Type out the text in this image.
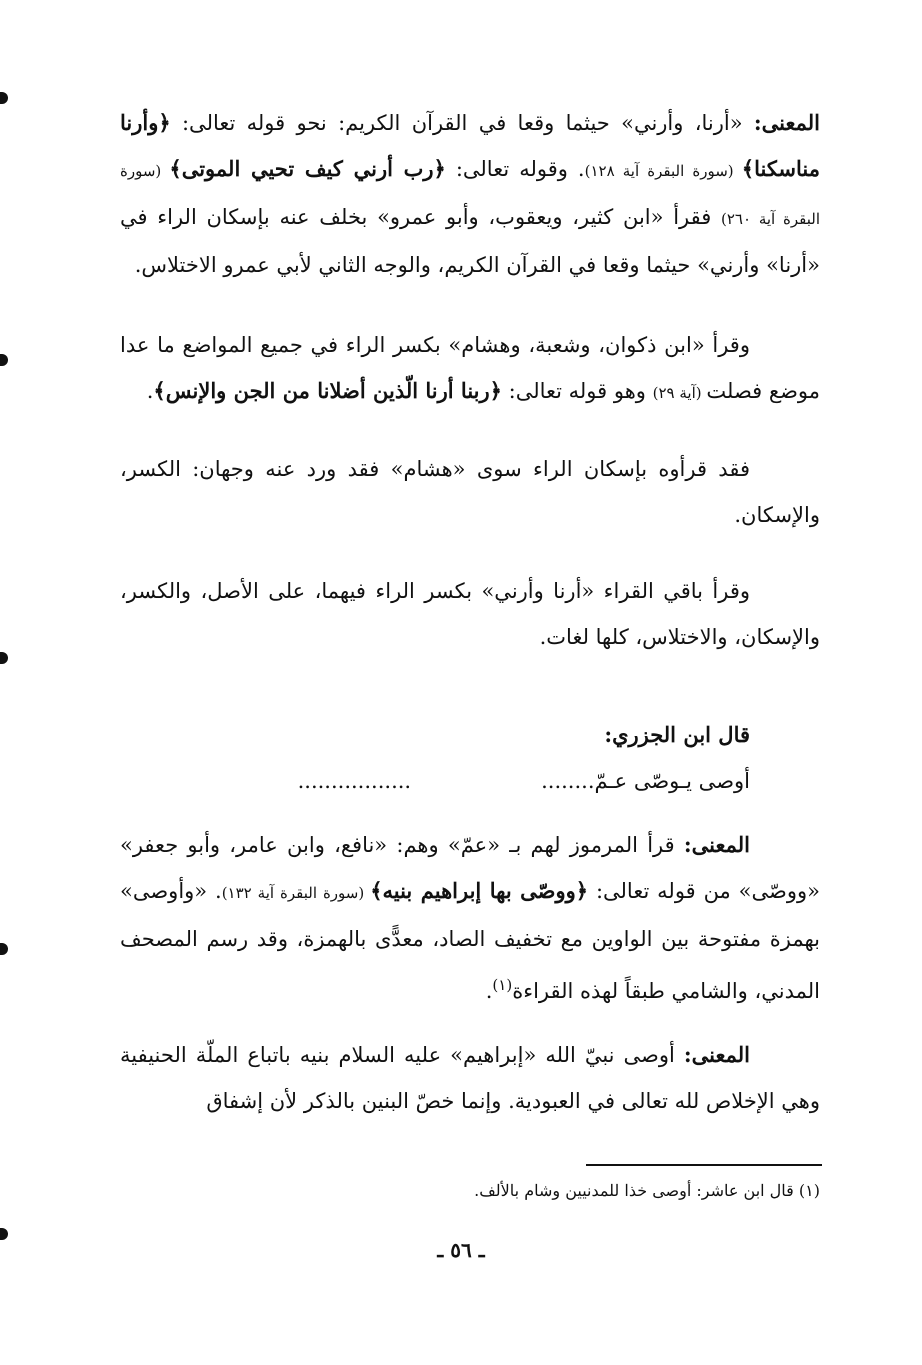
المعنى: «أرنا، وأرني» حيثما وقعا في القرآن الكريم: نحو قوله تعالى: ﴿وأرنا مناسكنا﴾ (سورة البقرة آية ١٢٨). وقوله تعالى: ﴿رب أرني كيف تحيي الموتى﴾ (سورة البقرة آية ٢٦٠) فقرأ «ابن كثير، ويعقوب، وأبو عمرو» بخلف عنه بإسكان الراء في «أرنا» وأرني» حيثما وقعا في القرآن الكريم، والوجه الثاني لأبي عمرو الاختلاس.

وقرأ «ابن ذكوان، وشعبة، وهشام» بكسر الراء في جميع المواضع ما عدا موضع فصلت (آية ٢٩) وهو قوله تعالى: ﴿ربنا أرنا الّذين أضلانا من الجن والإنس﴾.

فقد قرأوه بإسكان الراء سوى «هشام» فقد ورد عنه وجهان: الكسر، والإسكان.

وقرأ باقي القراء «أرنا وأرني» بكسر الراء فيهما، على الأصل، والكسر، والإسكان، والاختلاس، كلها لغات.

قال ابن الجزري:

أوصى يـوصّى عـمّ........
.................

المعنى: قرأ المرموز لهم بـ «عمّ» وهم: «نافع، وابن عامر، وأبو جعفر» «ووصّى» من قوله تعالى: ﴿ووصّى بها إبراهيم بنيه﴾ (سورة البقرة آية ١٣٢). «وأوصى» بهمزة مفتوحة بين الواوين مع تخفيف الصاد، معدًّى بالهمزة، وقد رسم المصحف المدني، والشامي طبقاً لهذه القراءة$^{(١)}$.

المعنى: أوصى نبيّ الله «إبراهيم» عليه السلام بنيه باتباع الملّة الحنيفية وهي الإخلاص لله تعالى في العبودية. وإنما خصّ البنين بالذكر لأن إشفاق

(١) قال ابن عاشر: أوصى خذا للمدنيين وشام بالألف.
ـ ٥٦ ـ
